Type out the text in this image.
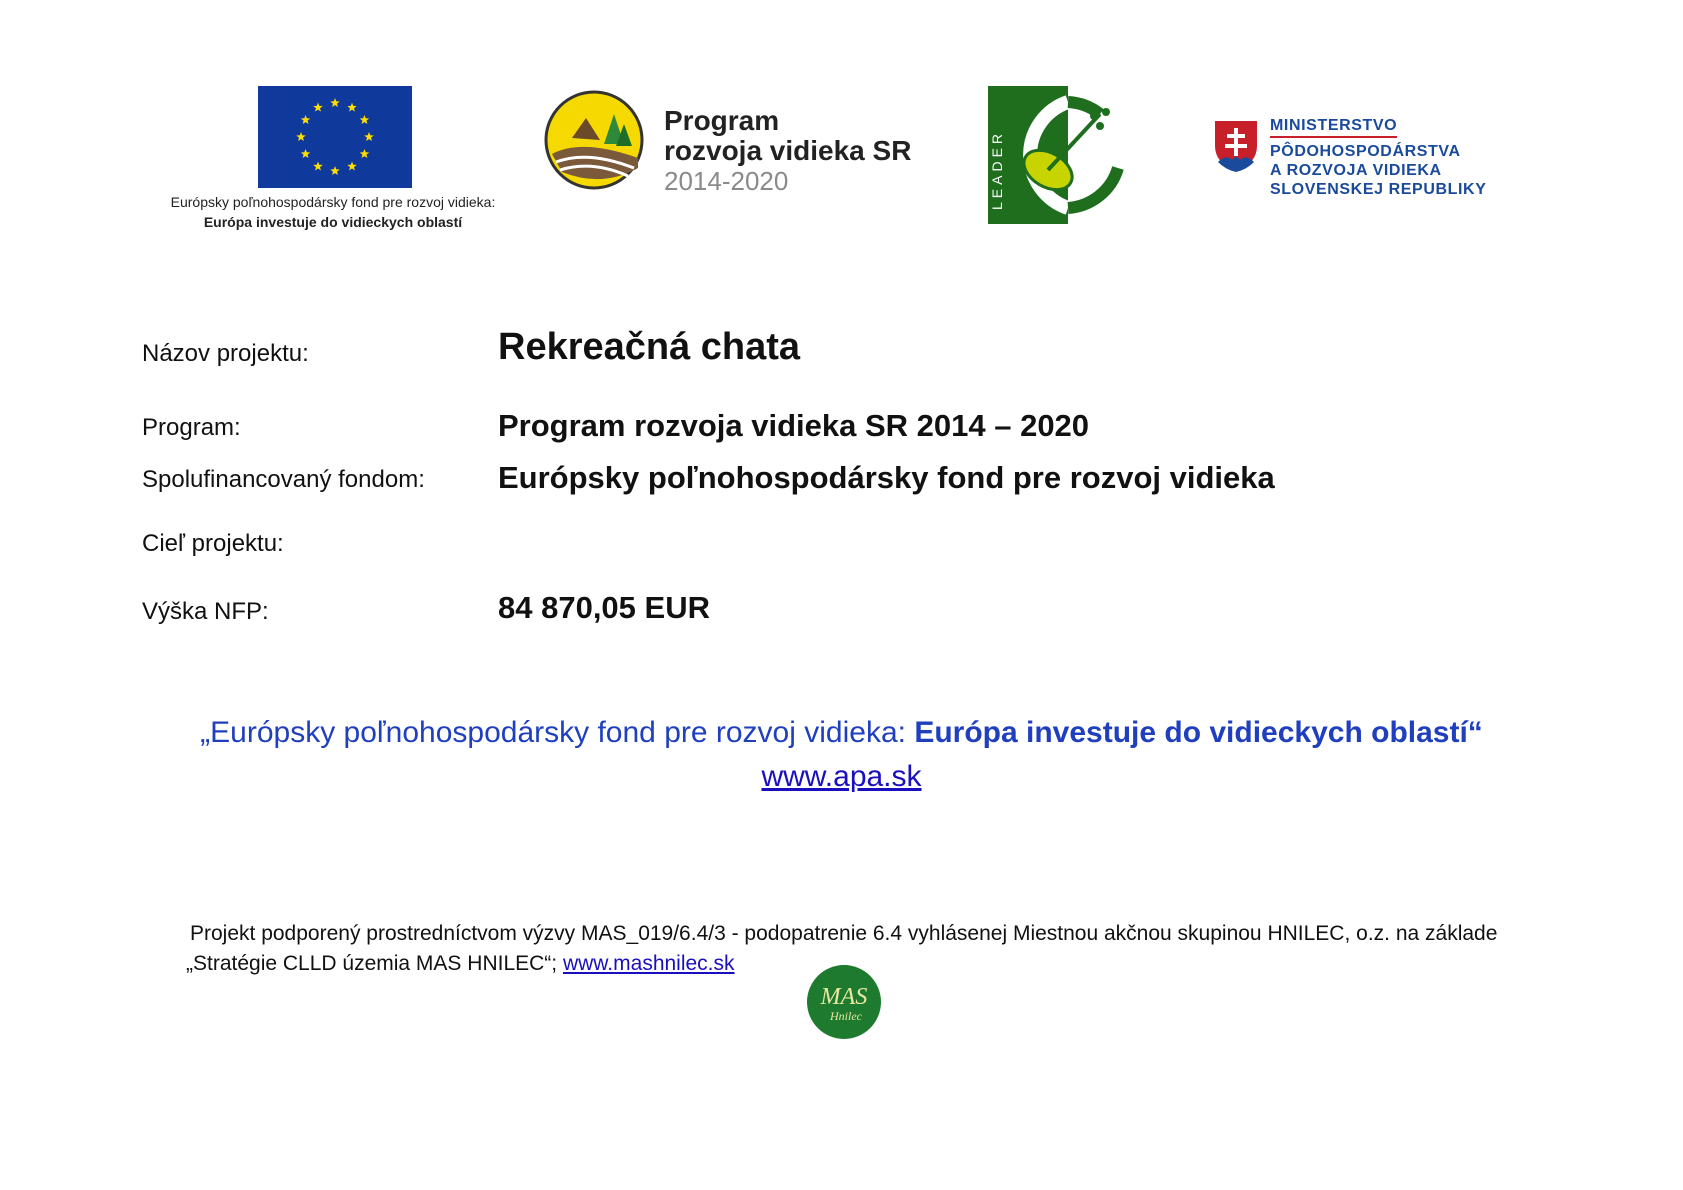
Európsky poľnohospodársky fond pre rozvoj vidieka:
Európa investuje do vidieckych oblastí
Program
rozvoja vidieka SR
2014-2020	LEADER
MINISTERSTVO
PÔDOHOSPODÁRSTVA
A ROZVOJA VIDIEKA
SLOVENSKEJ REPUBLIKY
Názov projektu:	Rekreačná chata
Program:	Program rozvoja vidieka SR 2014 – 2020
Spolufinancovaný fondom: Európsky poľnohospodársky fond pre rozvoj vidieka
Cieľ projektu:
Výška NFP:	84 870,05 EUR
„Európsky poľnohospodársky fond pre rozvoj vidieka: Európa investuje do vidieckych oblastí“
www.apa.sk
Projekt podporený prostredníctvom výzvy MAS_019/6.4/3 - podopatrenie 6.4 vyhlásenej Miestnou akčnou skupinou HNILEC, o.z. na základe
„Stratégie CLLD územia MAS HNILEC“; www.mashnilec.sk
MAS
Hnilec
